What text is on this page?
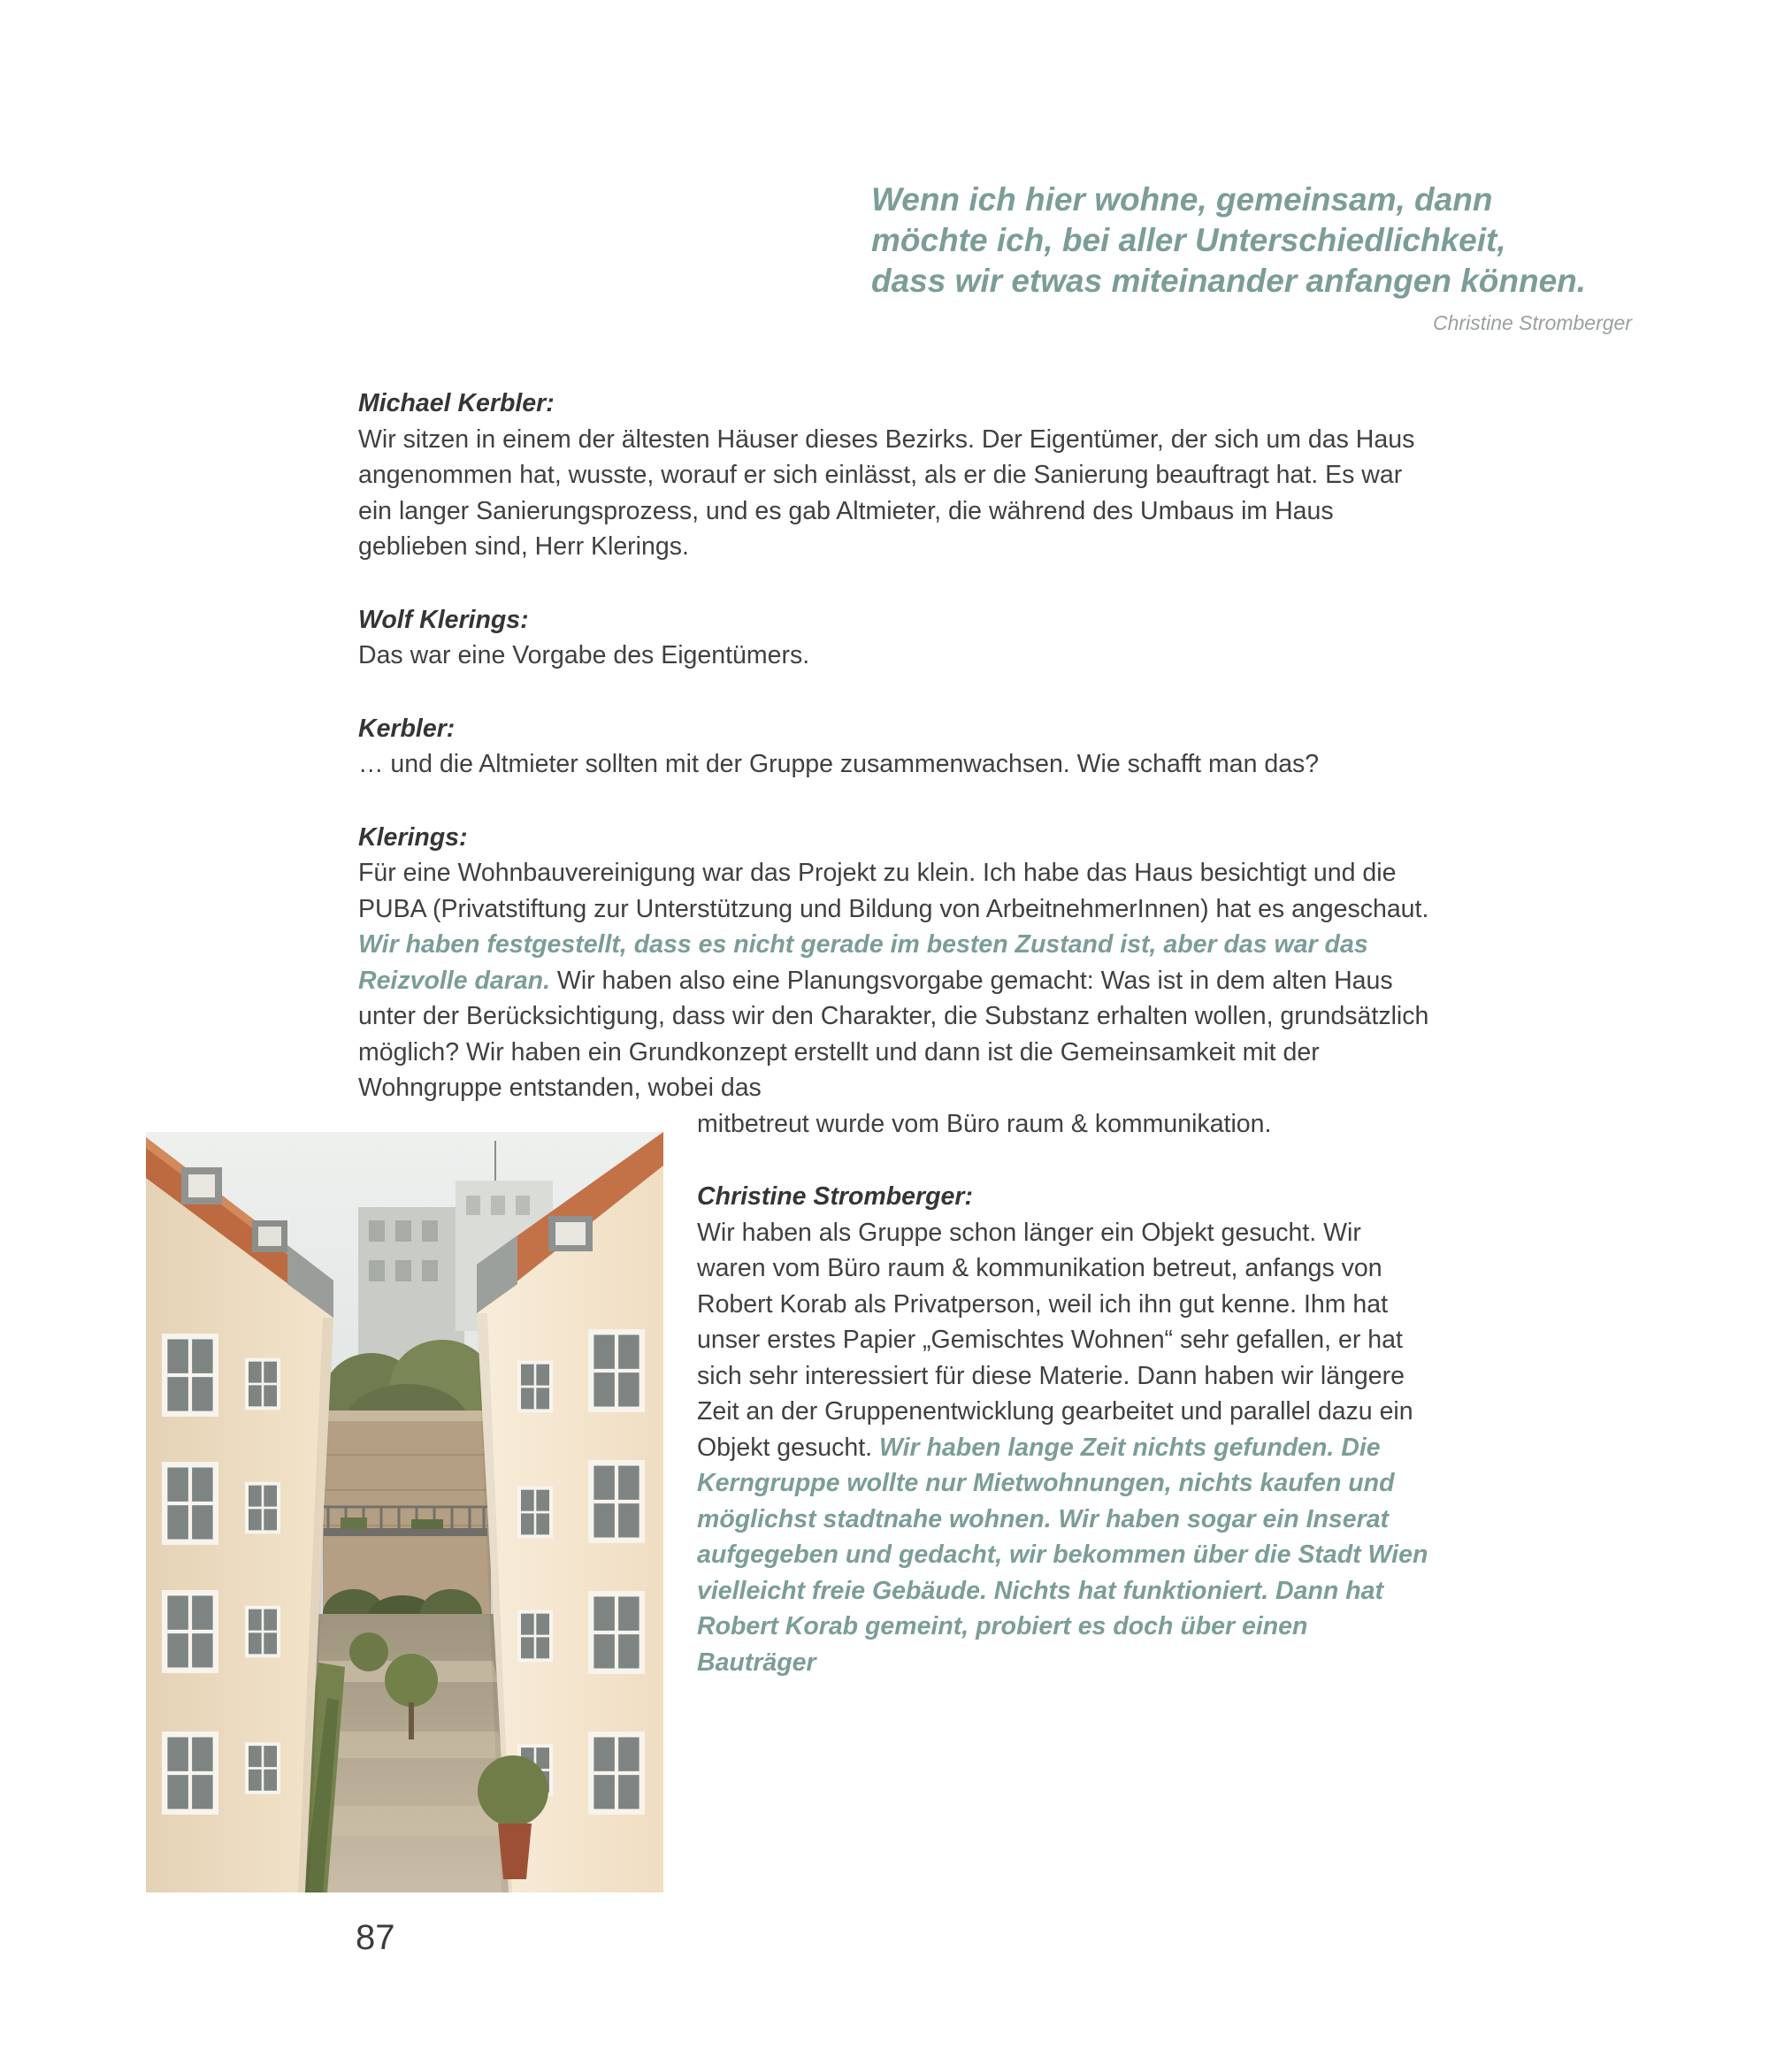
Wenn ich hier wohne, gemeinsam, dann
möchte ich, bei aller Unterschiedlichkeit,
dass wir etwas miteinander anfangen können.
Christine Stromberger
Michael Kerbler:
Wir sitzen in einem der ältesten Häuser dieses Bezirks. Der Eigentümer, der sich um das Haus angenommen hat, wusste, worauf er sich einlässt, als er die Sanierung beauftragt hat. Es war ein langer Sanierungsprozess, und es gab Altmieter, die während des Umbaus im Haus geblieben sind, Herr Klerings.
Wolf Klerings:
Das war eine Vorgabe des Eigentümers.
Kerbler:
… und die Altmieter sollten mit der Gruppe zusammenwachsen. Wie schafft man das?
Klerings:
Für eine Wohnbauvereinigung war das Projekt zu klein. Ich habe das Haus besichtigt und die PUBA (Privatstiftung zur Unterstützung und Bildung von ArbeitnehmerInnen) hat es angeschaut. Wir haben festgestellt, dass es nicht gerade im besten Zustand ist, aber das war das Reizvolle daran. Wir haben also eine Planungsvorgabe gemacht: Was ist in dem alten Haus unter der Berücksichtigung, dass wir den Charakter, die Substanz erhalten wollen, grundsätzlich möglich? Wir haben ein Grundkonzept erstellt und dann ist die Gemeinsamkeit mit der Wohngruppe entstanden, wobei das
mitbetreut wurde vom Büro raum & kommunikation.
Christine Stromberger:
Wir haben als Gruppe schon länger ein Objekt gesucht. Wir waren vom Büro raum & kommunikation betreut, anfangs von Robert Korab als Privatperson, weil ich ihn gut kenne. Ihm hat unser erstes Papier „Gemischtes Wohnen“ sehr gefallen, er hat sich sehr interessiert für diese Materie. Dann haben wir längere Zeit an der Gruppenentwicklung gearbeitet und parallel dazu ein Objekt gesucht. Wir haben lange Zeit nichts gefunden. Die Kerngruppe wollte nur Mietwohnungen, nichts kaufen und möglichst stadtnahe wohnen. Wir haben sogar ein Inserat aufgegeben und gedacht, wir bekommen über die Stadt Wien vielleicht freie Gebäude. Nichts hat funktioniert. Dann hat Robert Korab gemeint, probiert es doch über einen Bauträger
87
